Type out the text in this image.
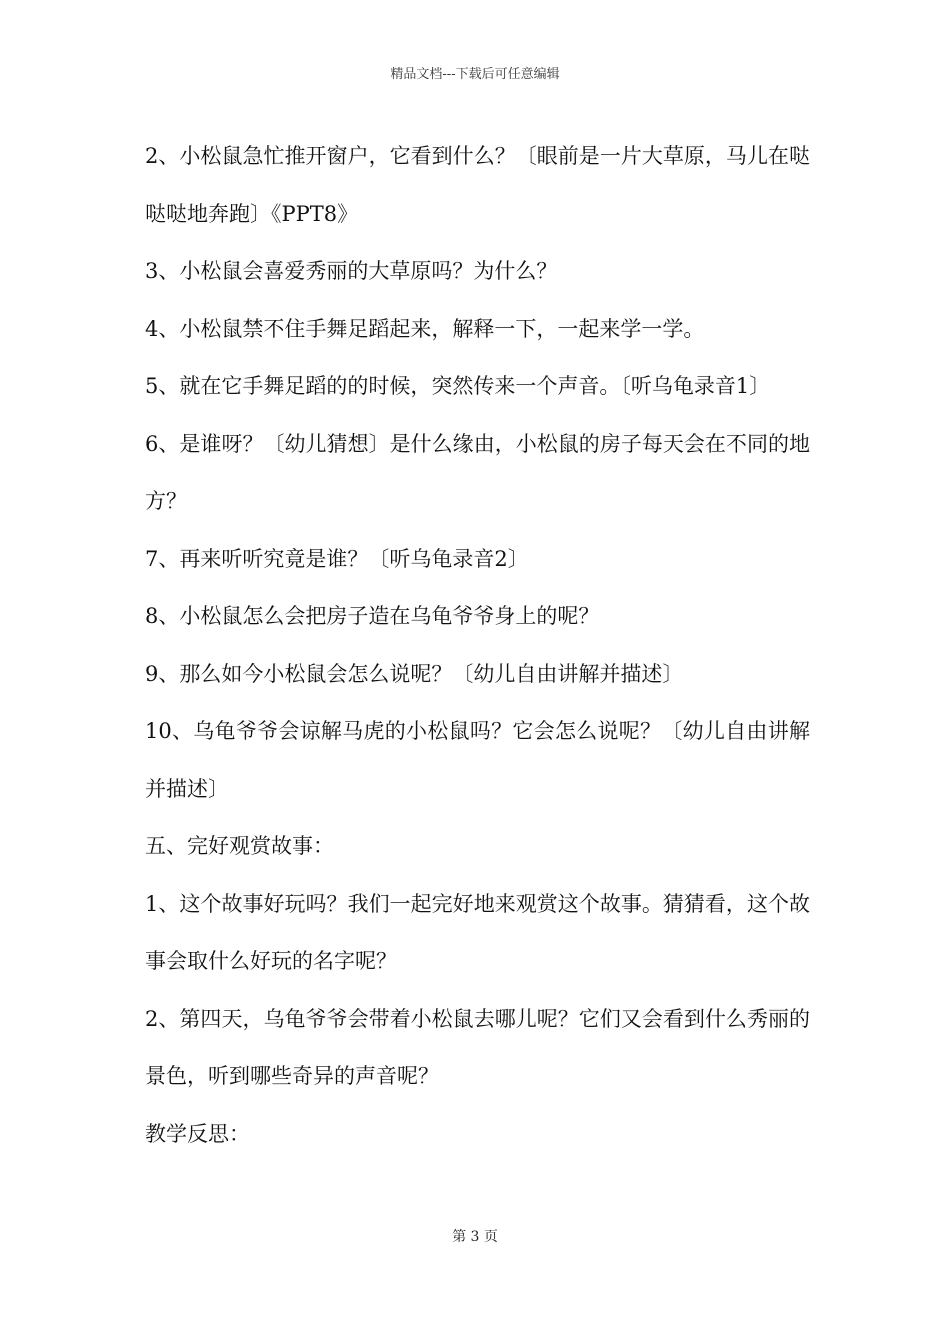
精品文档---下载后可任意编辑

2、小松鼠急忙推开窗户，它看到什么？〔眼前是一片大草原，马儿在哒哒哒地奔跑〕《PPT8》

3、小松鼠会喜爱秀丽的大草原吗？为什么？

4、小松鼠禁不住手舞足蹈起来，解释一下，一起来学一学。

5、就在它手舞足蹈的的时候，突然传来一个声音。〔听乌龟录音1〕

6、是谁呀？〔幼儿猜想〕是什么缘由，小松鼠的房子每天会在不同的地方？

7、再来听听究竟是谁？〔听乌龟录音2〕

8、小松鼠怎么会把房子造在乌龟爷爷身上的呢？

9、那么如今小松鼠会怎么说呢？〔幼儿自由讲解并描述〕

10、乌龟爷爷会谅解马虎的小松鼠吗？它会怎么说呢？〔幼儿自由讲解并描述〕

五、完好观赏故事：

1、这个故事好玩吗？我们一起完好地来观赏这个故事。猜猜看，这个故事会取什么好玩的名字呢？

2、第四天，乌龟爷爷会带着小松鼠去哪儿呢？它们又会看到什么秀丽的景色，听到哪些奇异的声音呢？

教学反思：

第 3 页
